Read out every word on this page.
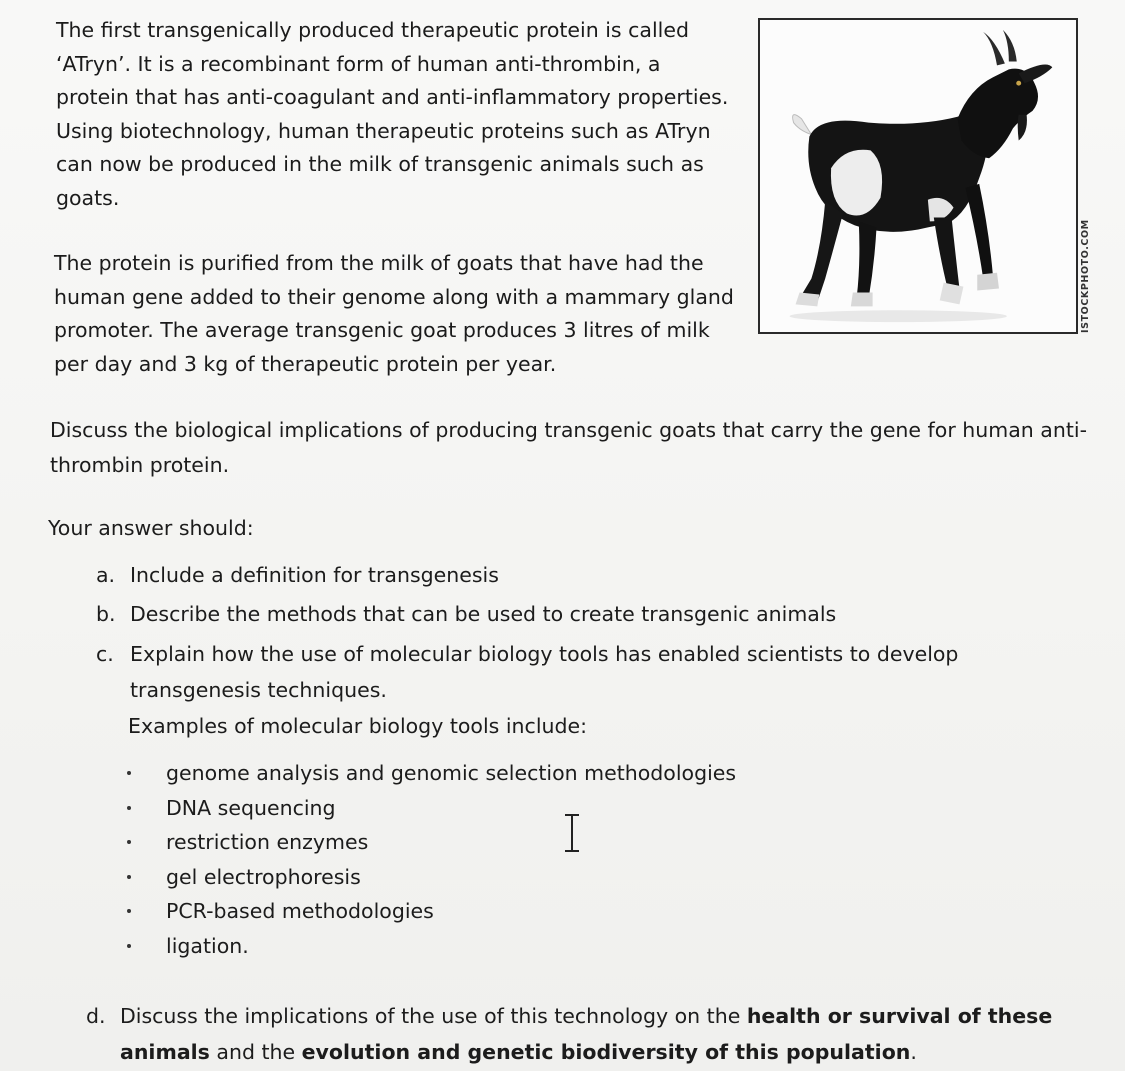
The first transgenically produced therapeutic protein is called ‘ATryn’. It is a recombinant form of human anti-thrombin, a protein that has anti-coagulant and anti-inflammatory properties. Using biotechnology, human therapeutic proteins such as ATryn can now be produced in the milk of transgenic animals such as goats.

The protein is purified from the milk of goats that have had the human gene added to their genome along with a mammary gland promoter. The average transgenic goat produces 3 litres of milk per day and 3 kg of therapeutic protein per year.

ISTOCKPHOTO.COM

Discuss the biological implications of producing transgenic goats that carry the gene for human anti-thrombin protein.

Your answer should:

a. Include a definition for transgenesis
b. Describe the methods that can be used to create transgenic animals
c. Explain how the use of molecular biology tools has enabled scientists to develop transgenesis techniques.

Examples of molecular biology tools include:

genome analysis and genomic selection methodologies
DNA sequencing
restriction enzymes
gel electrophoresis
PCR-based methodologies
ligation.
d. Discuss the implications of the use of this technology on the health or survival of these animals and the evolution and genetic biodiversity of this population.
